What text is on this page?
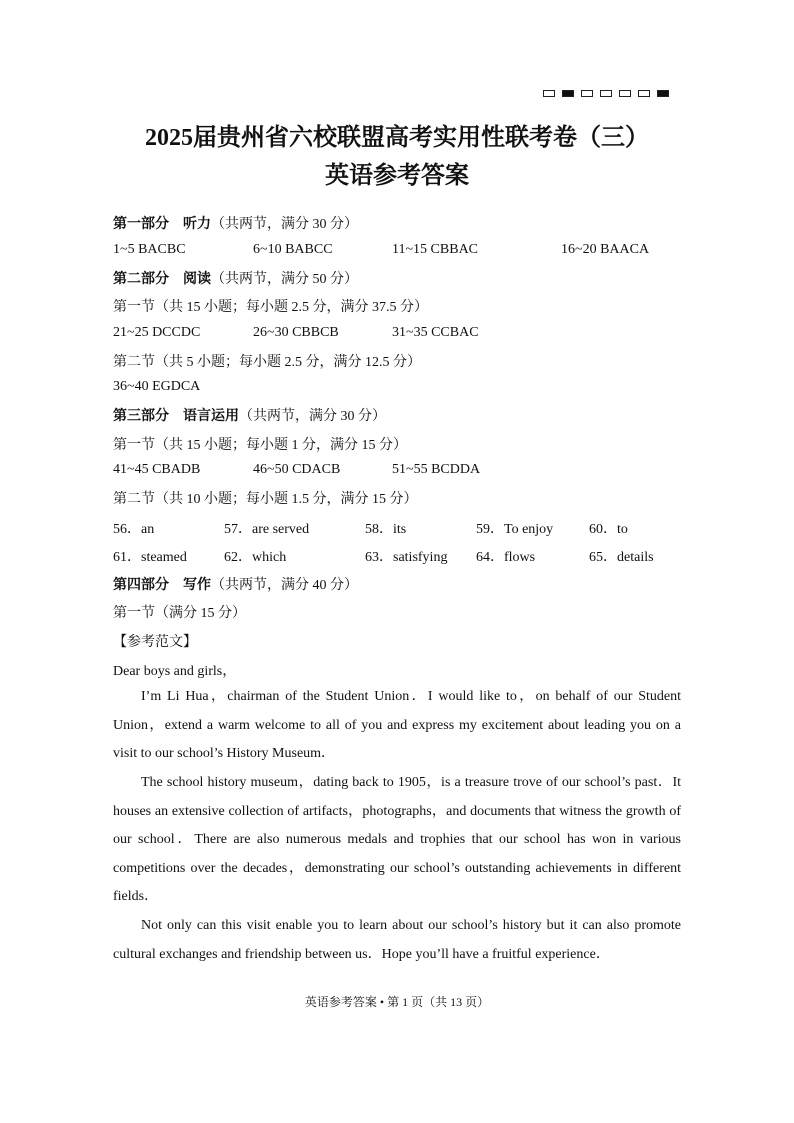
2025届贵州省六校联盟高考实用性联考卷（三）
英语参考答案
第一部分　听力（共两节，满分 30 分）
1~5 BACBC	6~10 BABCC	11~15 CBBAC	16~20 BAACA
第二部分　阅读（共两节，满分 50 分）
第一节（共 15 小题；每小题 2.5 分，满分 37.5 分）
21~25 DCCDC	26~30 CBBCB	31~35 CCBAC
第二节（共 5 小题；每小题 2.5 分，满分 12.5 分）
36~40 EGDCA
第三部分　语言运用（共两节，满分 30 分）
第一节（共 15 小题；每小题 1 分，满分 15 分）
41~45 CBADB	46~50 CDACB	51~55 BCDDA
第二节（共 10 小题；每小题 1.5 分，满分 15 分）
56．an	57．are served	58．its	59．To enjoy	60．to
61．steamed	62．which	63．satisfying 64．flows	65．details
第四部分　写作（共两节，满分 40 分）
第一节（满分 15 分）
【参考范文】
Dear boys and girls，
I’m Li Hua，chairman of the Student Union．I would like to，on behalf of our Student Union，extend a warm welcome to all of you and express my excitement about leading you on a visit to our school’s History Museum．
The school history museum，dating back to 1905，is a treasure trove of our school’s past．It houses an extensive collection of artifacts，photographs，and documents that witness the growth of our school．There are also numerous medals and trophies that our school has won in various competitions over the decades，demonstrating our school’s outstanding achievements in different fields．
Not only can this visit enable you to learn about our school’s history but it can also promote cultural exchanges and friendship between us．Hope you’ll have a fruitful experience．
英语参考答案 • 第 1 页（共 13 页）
